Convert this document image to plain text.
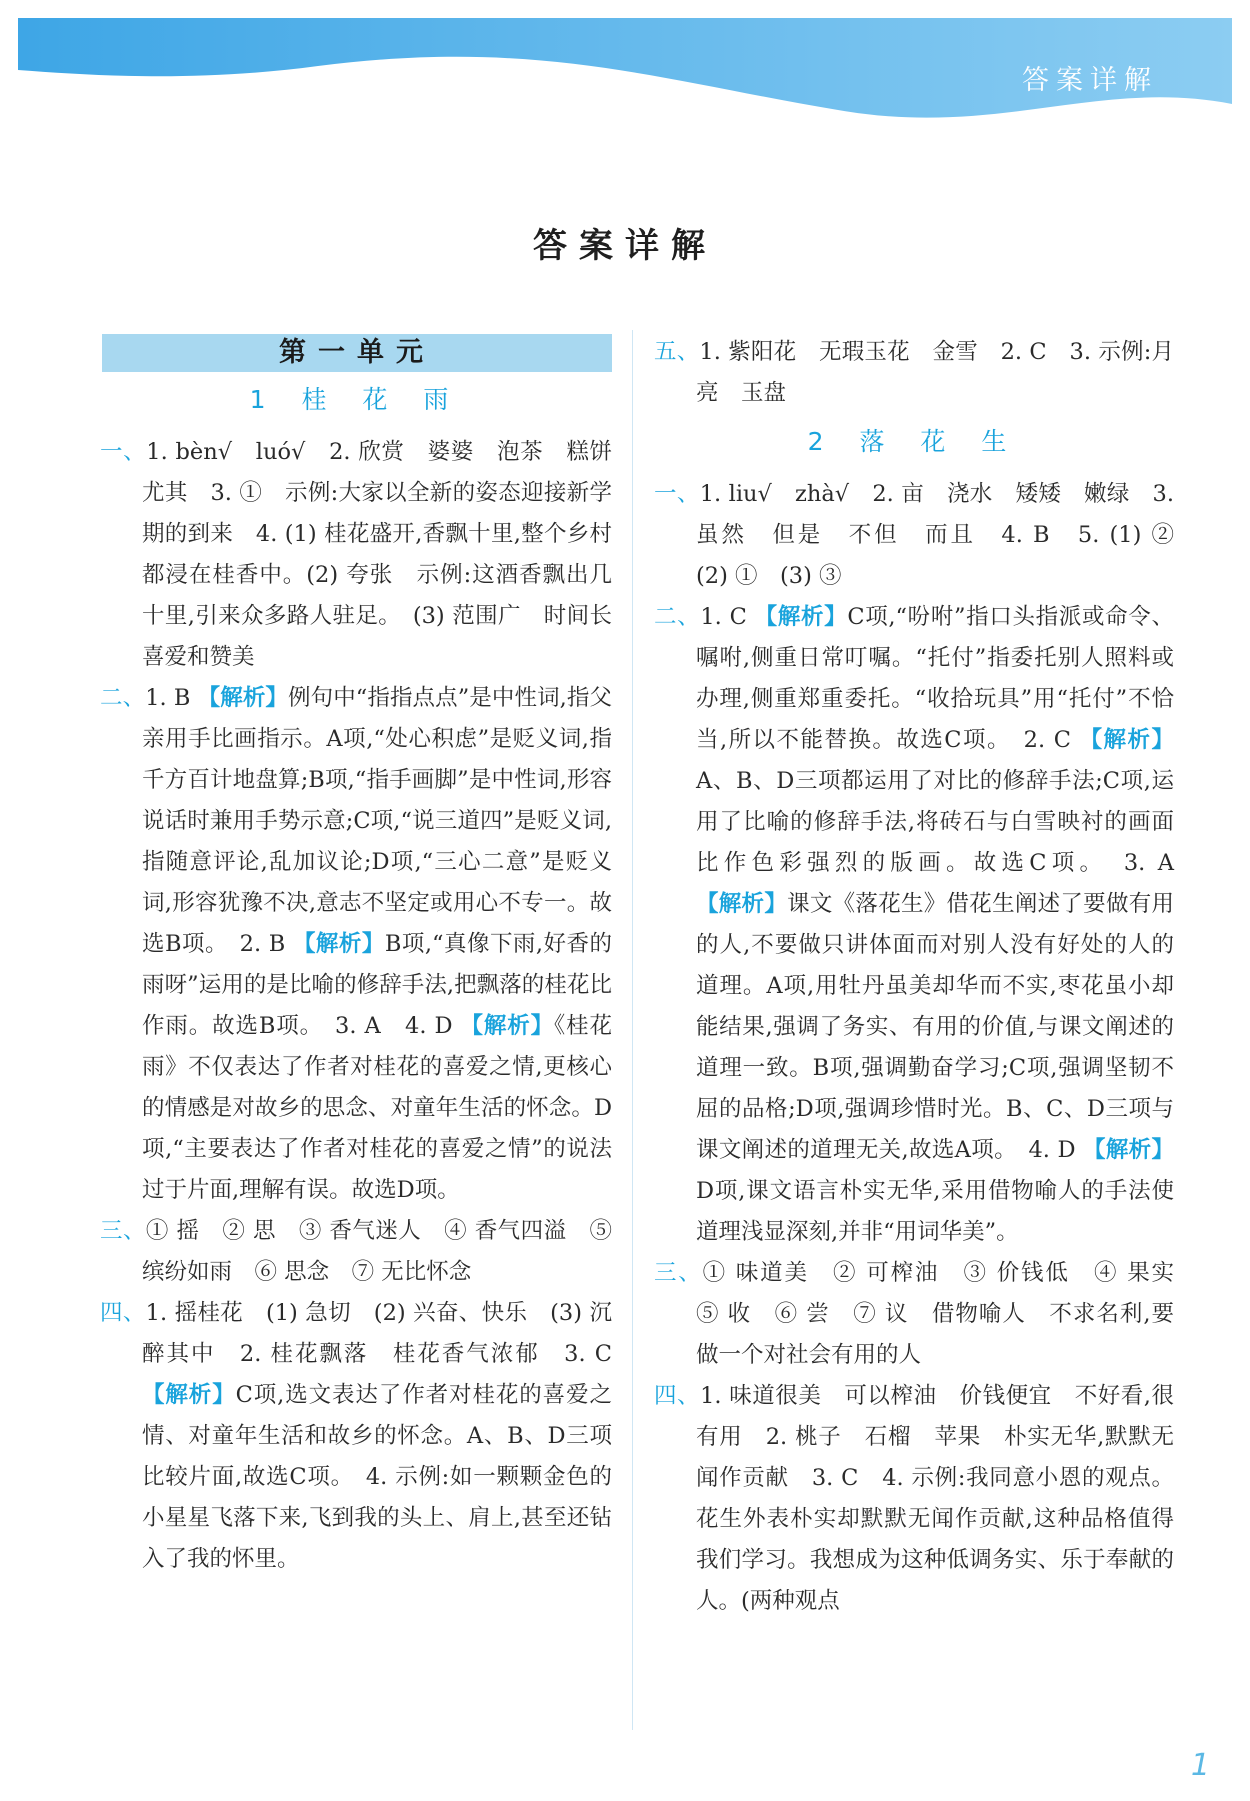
答案详解
答案详解
第一单元
1 桂 花 雨
一、1. bèn√　luó√　2. 欣赏　婆婆　泡茶　糕饼　尤其　3. ①　示例:大家以全新的姿态迎接新学期的到来　4. (1) 桂花盛开,香飘十里,整个乡村都浸在桂香中。(2) 夸张　示例:这酒香飘出几十里,引来众多路人驻足。　(3) 范围广　时间长　喜爱和赞美
二、1. B 【解析】例句中“指指点点”是中性词,指父亲用手比画指示。A项,“处心积虑”是贬义词,指千方百计地盘算;B项,“指手画脚”是中性词,形容说话时兼用手势示意;C项,“说三道四”是贬义词,指随意评论,乱加议论;D项,“三心二意”是贬义词,形容犹豫不决,意志不坚定或用心不专一。故选B项。　2. B 【解析】B项,“真像下雨,好香的雨呀”运用的是比喻的修辞手法,把飘落的桂花比作雨。故选B项。　3. A　4. D 【解析】《桂花雨》不仅表达了作者对桂花的喜爱之情,更核心的情感是对故乡的思念、对童年生活的怀念。D项,“主要表达了作者对桂花的喜爱之情”的说法过于片面,理解有误。故选D项。
三、① 摇　② 思　③ 香气迷人　④ 香气四溢　⑤ 缤纷如雨　⑥ 思念　⑦ 无比怀念
四、1. 摇桂花　(1) 急切　(2) 兴奋、快乐　(3) 沉醉其中　2. 桂花飘落　桂花香气浓郁　3. C 【解析】C项,选文表达了作者对桂花的喜爱之情、对童年生活和故乡的怀念。A、B、D三项比较片面,故选C项。　4. 示例:如一颗颗金色的小星星飞落下来,飞到我的头上、肩上,甚至还钻入了我的怀里。
五、1. 紫阳花　无瑕玉花　金雪　2. C　3. 示例:月亮　玉盘
2 落 花 生
一、1. liu√　zhà√　2. 亩　浇水　矮矮　嫩绿　3. 虽然　但是　不但　而且　4. B　5. (1) ②　(2) ①　(3) ③
二、1. C 【解析】C项,“吩咐”指口头指派或命令、嘱咐,侧重日常叮嘱。“托付”指委托别人照料或办理,侧重郑重委托。“收拾玩具”用“托付”不恰当,所以不能替换。故选C项。　2. C 【解析】A、B、D三项都运用了对比的修辞手法;C项,运用了比喻的修辞手法,将砖石与白雪映衬的画面比作色彩强烈的版画。故选C项。　3. A 【解析】课文《落花生》借花生阐述了要做有用的人,不要做只讲体面而对别人没有好处的人的道理。A项,用牡丹虽美却华而不实,枣花虽小却能结果,强调了务实、有用的价值,与课文阐述的道理一致。B项,强调勤奋学习;C项,强调坚韧不屈的品格;D项,强调珍惜时光。B、C、D三项与课文阐述的道理无关,故选A项。　4. D 【解析】D项,课文语言朴实无华,采用借物喻人的手法使道理浅显深刻,并非“用词华美”。
三、① 味道美　② 可榨油　③ 价钱低　④ 果实　⑤ 收　⑥ 尝　⑦ 议　借物喻人　不求名利,要做一个对社会有用的人
四、1. 味道很美　可以榨油　价钱便宜　不好看,很有用　2. 桃子　石榴　苹果　朴实无华,默默无闻作贡献　3. C　4. 示例:我同意小恩的观点。花生外表朴实却默默无闻作贡献,这种品格值得我们学习。我想成为这种低调务实、乐于奉献的人。(两种观点
1
